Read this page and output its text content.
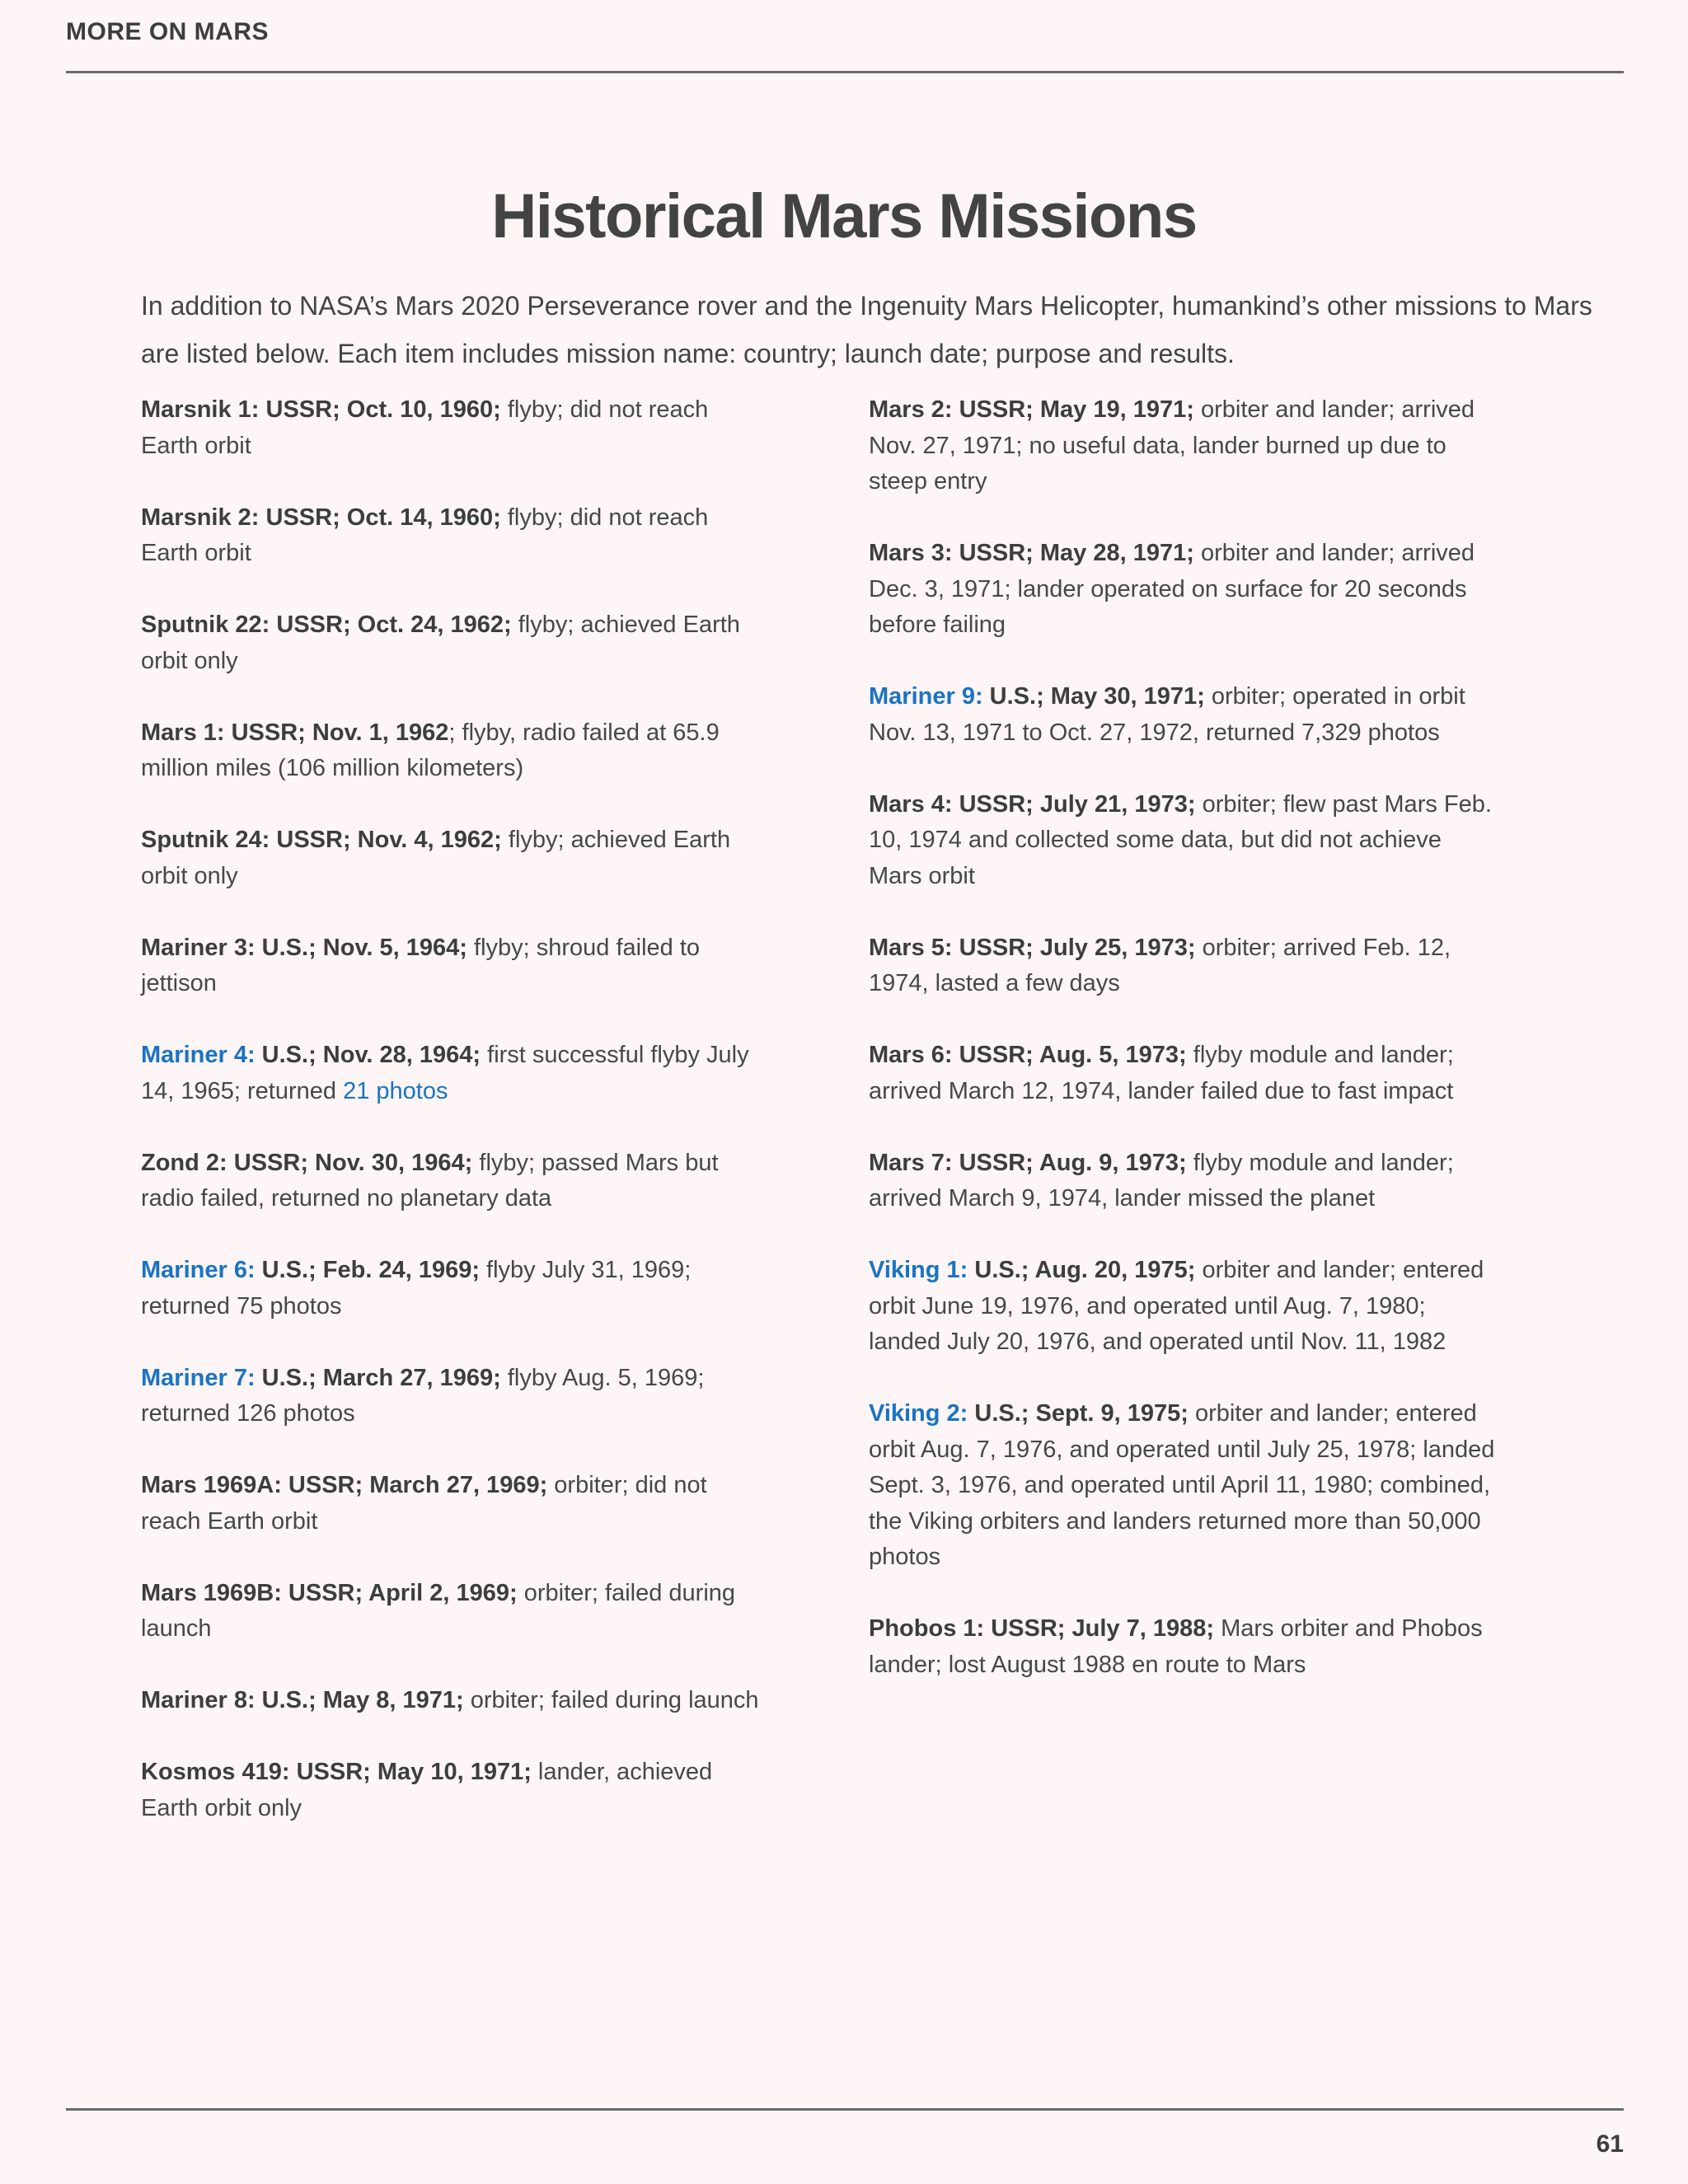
MORE ON MARS
Historical Mars Missions

In addition to NASA’s Mars 2020 Perseverance rover and the Ingenuity Mars Helicopter, humankind’s other missions to Mars are listed below. Each item includes mission name: country; launch date; purpose and results.

Marsnik 1: USSR; Oct. 10, 1960; flyby; did not reach Earth orbit

Marsnik 2: USSR; Oct. 14, 1960; flyby; did not reach Earth orbit

Sputnik 22: USSR; Oct. 24, 1962; flyby; achieved Earth orbit only

Mars 1: USSR; Nov. 1, 1962; flyby, radio failed at 65.9 million miles (106 million kilometers)

Sputnik 24: USSR; Nov. 4, 1962; flyby; achieved Earth orbit only

Mariner 3: U.S.; Nov. 5, 1964; flyby; shroud failed to jettison

Mariner 4: U.S.; Nov. 28, 1964; first successful flyby July 14, 1965; returned 21 photos

Zond 2: USSR; Nov. 30, 1964; flyby; passed Mars but radio failed, returned no planetary data

Mariner 6: U.S.; Feb. 24, 1969; flyby July 31, 1969; returned 75 photos

Mariner 7: U.S.; March 27, 1969; flyby Aug. 5, 1969; returned 126 photos

Mars 1969A: USSR; March 27, 1969; orbiter; did not reach Earth orbit

Mars 1969B: USSR; April 2, 1969; orbiter; failed during launch

Mariner 8: U.S.; May 8, 1971; orbiter; failed during launch

Kosmos 419: USSR; May 10, 1971; lander, achieved Earth orbit only

Mars 2: USSR; May 19, 1971; orbiter and lander; arrived Nov. 27, 1971; no useful data, lander burned up due to steep entry

Mars 3: USSR; May 28, 1971; orbiter and lander; arrived Dec. 3, 1971; lander operated on surface for 20 seconds before failing

Mariner 9: U.S.; May 30, 1971; orbiter; operated in orbit Nov. 13, 1971 to Oct. 27, 1972, returned 7,329 photos

Mars 4: USSR; July 21, 1973; orbiter; flew past Mars Feb. 10, 1974 and collected some data, but did not achieve Mars orbit

Mars 5: USSR; July 25, 1973; orbiter; arrived Feb. 12, 1974, lasted a few days

Mars 6: USSR; Aug. 5, 1973; flyby module and lander; arrived March 12, 1974, lander failed due to fast impact

Mars 7: USSR; Aug. 9, 1973; flyby module and lander; arrived March 9, 1974, lander missed the planet

Viking 1: U.S.; Aug. 20, 1975; orbiter and lander; entered orbit June 19, 1976, and operated until Aug. 7, 1980; landed July 20, 1976, and operated until Nov. 11, 1982

Viking 2: U.S.; Sept. 9, 1975; orbiter and lander; entered orbit Aug. 7, 1976, and operated until July 25, 1978; landed Sept. 3, 1976, and operated until April 11, 1980; combined, the Viking orbiters and landers returned more than 50,000 photos

Phobos 1: USSR; July 7, 1988; Mars orbiter and Phobos lander; lost August 1988 en route to Mars

61
